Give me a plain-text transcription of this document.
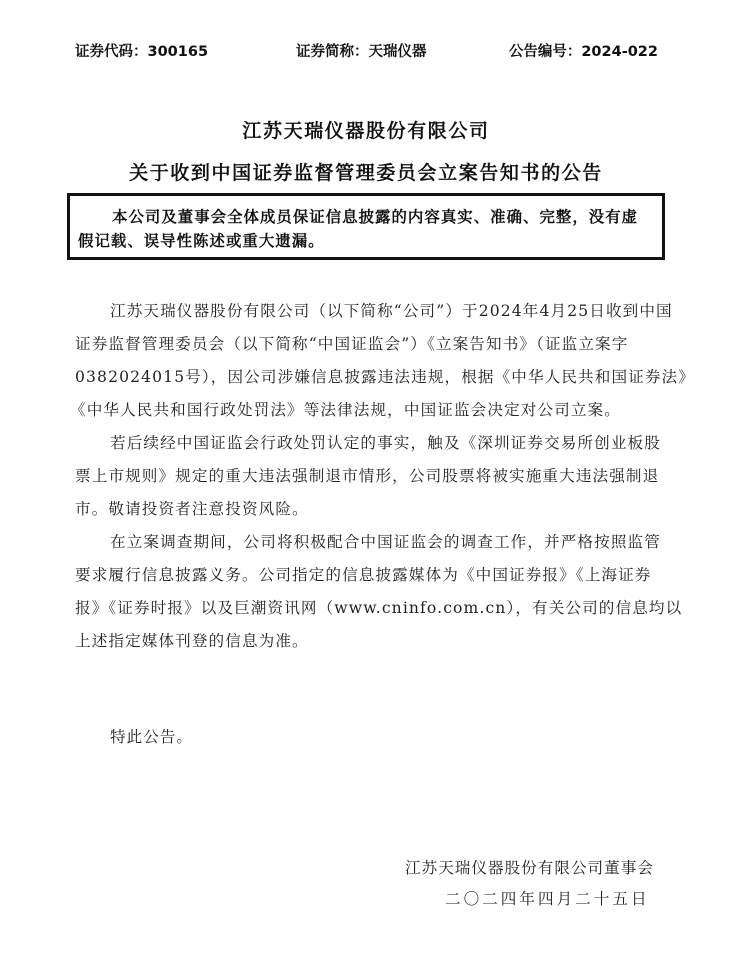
证券代码：300165	证券简称：天瑞仪器	公告编号：2024-022
江苏天瑞仪器股份有限公司
关于收到中国证券监督管理委员会立案告知书的公告
本公司及董事会全体成员保证信息披露的内容真实、准确、完整，没有虚
假记载、误导性陈述或重大遗漏。
江苏天瑞仪器股份有限公司（以下简称“公司”）于2024年4月25日收到中国
证券监督管理委员会（以下简称“中国证监会”）《立案告知书》（证监立案字
0382024015号），因公司涉嫌信息披露违法违规，根据《中华人民共和国证券法》
《中华人民共和国行政处罚法》等法律法规，中国证监会决定对公司立案。
若后续经中国证监会行政处罚认定的事实，触及《深圳证券交易所创业板股
票上市规则》规定的重大违法强制退市情形，公司股票将被实施重大违法强制退
市。敬请投资者注意投资风险。
在立案调查期间，公司将积极配合中国证监会的调查工作，并严格按照监管
要求履行信息披露义务。公司指定的信息披露媒体为《中国证券报》《上海证券
报》《证券时报》以及巨潮资讯网（www.cninfo.com.cn），有关公司的信息均以
上述指定媒体刊登的信息为准。
特此公告。
江苏天瑞仪器股份有限公司董事会
二〇二四年四月二十五日
